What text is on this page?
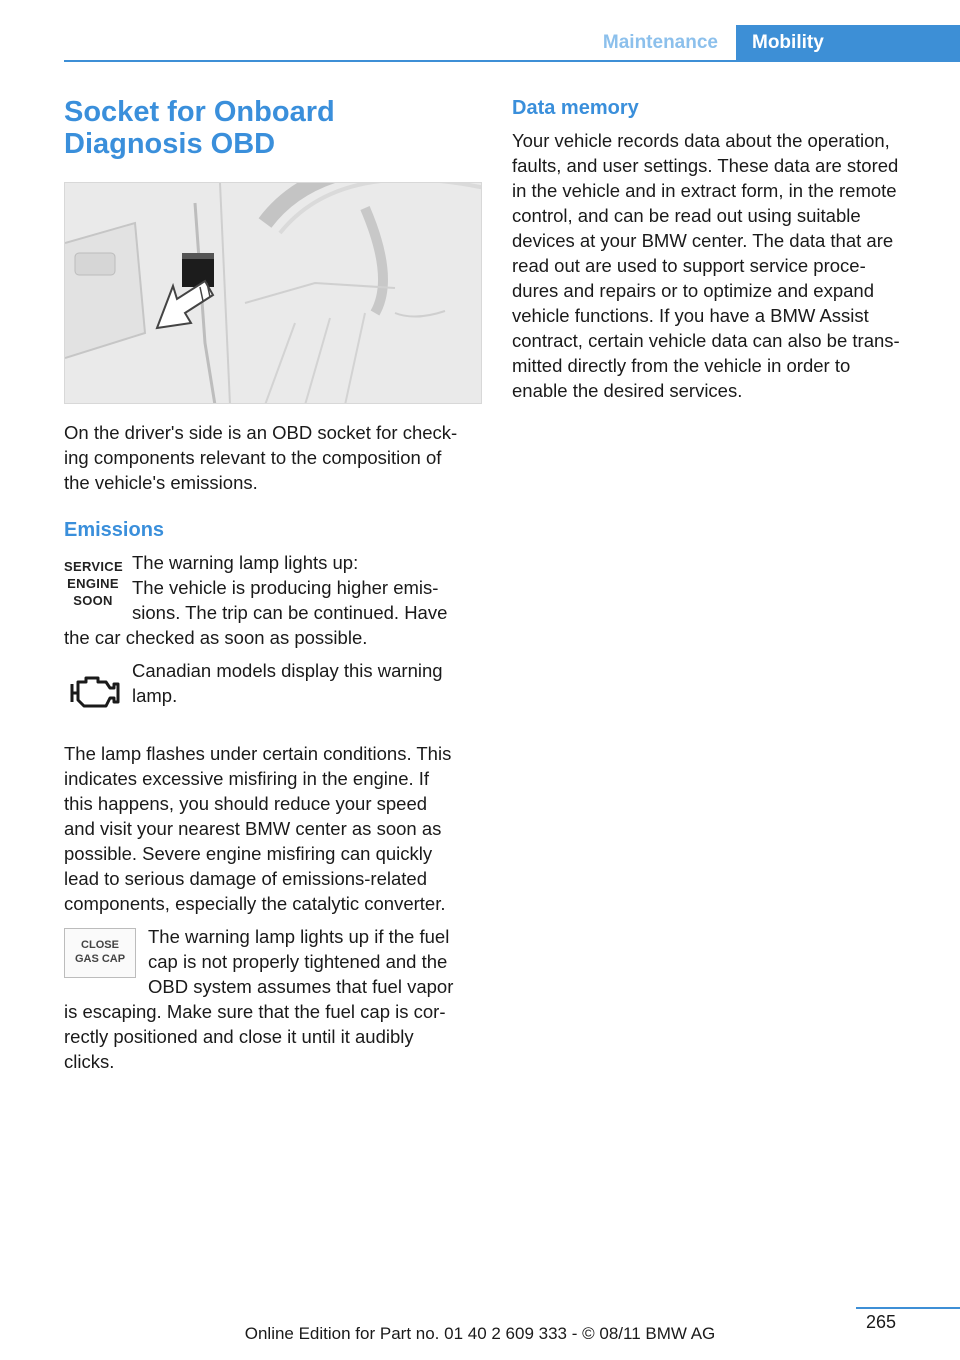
Maintenance	Mobility
Socket for Onboard
Diagnosis OBD
On the driver's side is an OBD socket for check-
ing components relevant to the composition of
the vehicle's emissions.
Emissions
SERVICE
ENGINE
SOON
The warning lamp lights up:
The vehicle is producing higher emis-
sions. The trip can be continued. Have
the car checked as soon as possible.
Canadian models display this warning
lamp.
The lamp flashes under certain conditions. This
indicates excessive misfiring in the engine. If
this happens, you should reduce your speed
and visit your nearest BMW center as soon as
possible. Severe engine misfiring can quickly
lead to serious damage of emissions-related
components, especially the catalytic converter.
CLOSE
GAS CAP
The warning lamp lights up if the fuel
cap is not properly tightened and the
OBD system assumes that fuel vapor
is escaping. Make sure that the fuel cap is cor-
rectly positioned and close it until it audibly
clicks.
Data memory
Your vehicle records data about the operation,
faults, and user settings. These data are stored
in the vehicle and in extract form, in the remote
control, and can be read out using suitable
devices at your BMW center. The data that are
read out are used to support service proce-
dures and repairs or to optimize and expand
vehicle functions. If you have a BMW Assist
contract, certain vehicle data can also be trans-
mitted directly from the vehicle in order to
enable the desired services.
265
Online Edition for Part no. 01 40 2 609 333 - © 08/11 BMW AG
